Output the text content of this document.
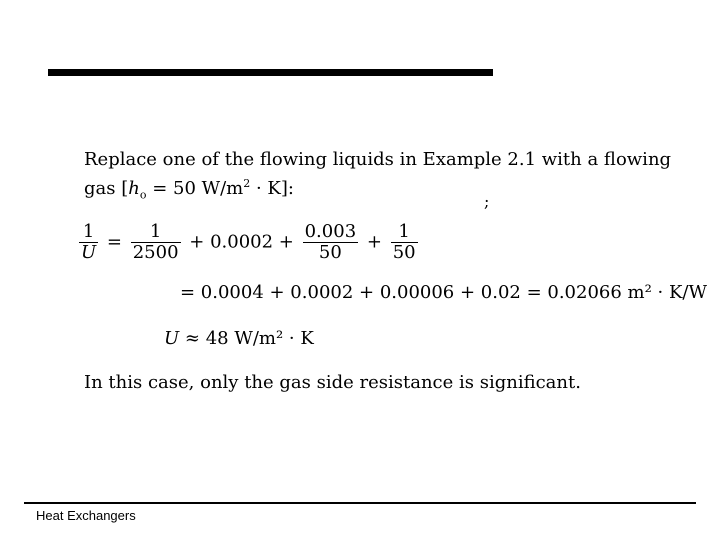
Replace one of the flowing liquids in Example 2.1 with a flowing gas [$h_o = 50$ $W/m^2 \cdot K$]:
;
$\frac{1}{U} = \frac{1}{2500} + 0.0002 + \frac{0.003}{50} + \frac{1}{50}$
= 0.0004 + 0.0002 + 0.00006 + 0.02 = 0.02066 m² · K/W
U ≈ 48 W/m² · K
In this case, only the gas side resistance is significant.
Heat Exchangers
